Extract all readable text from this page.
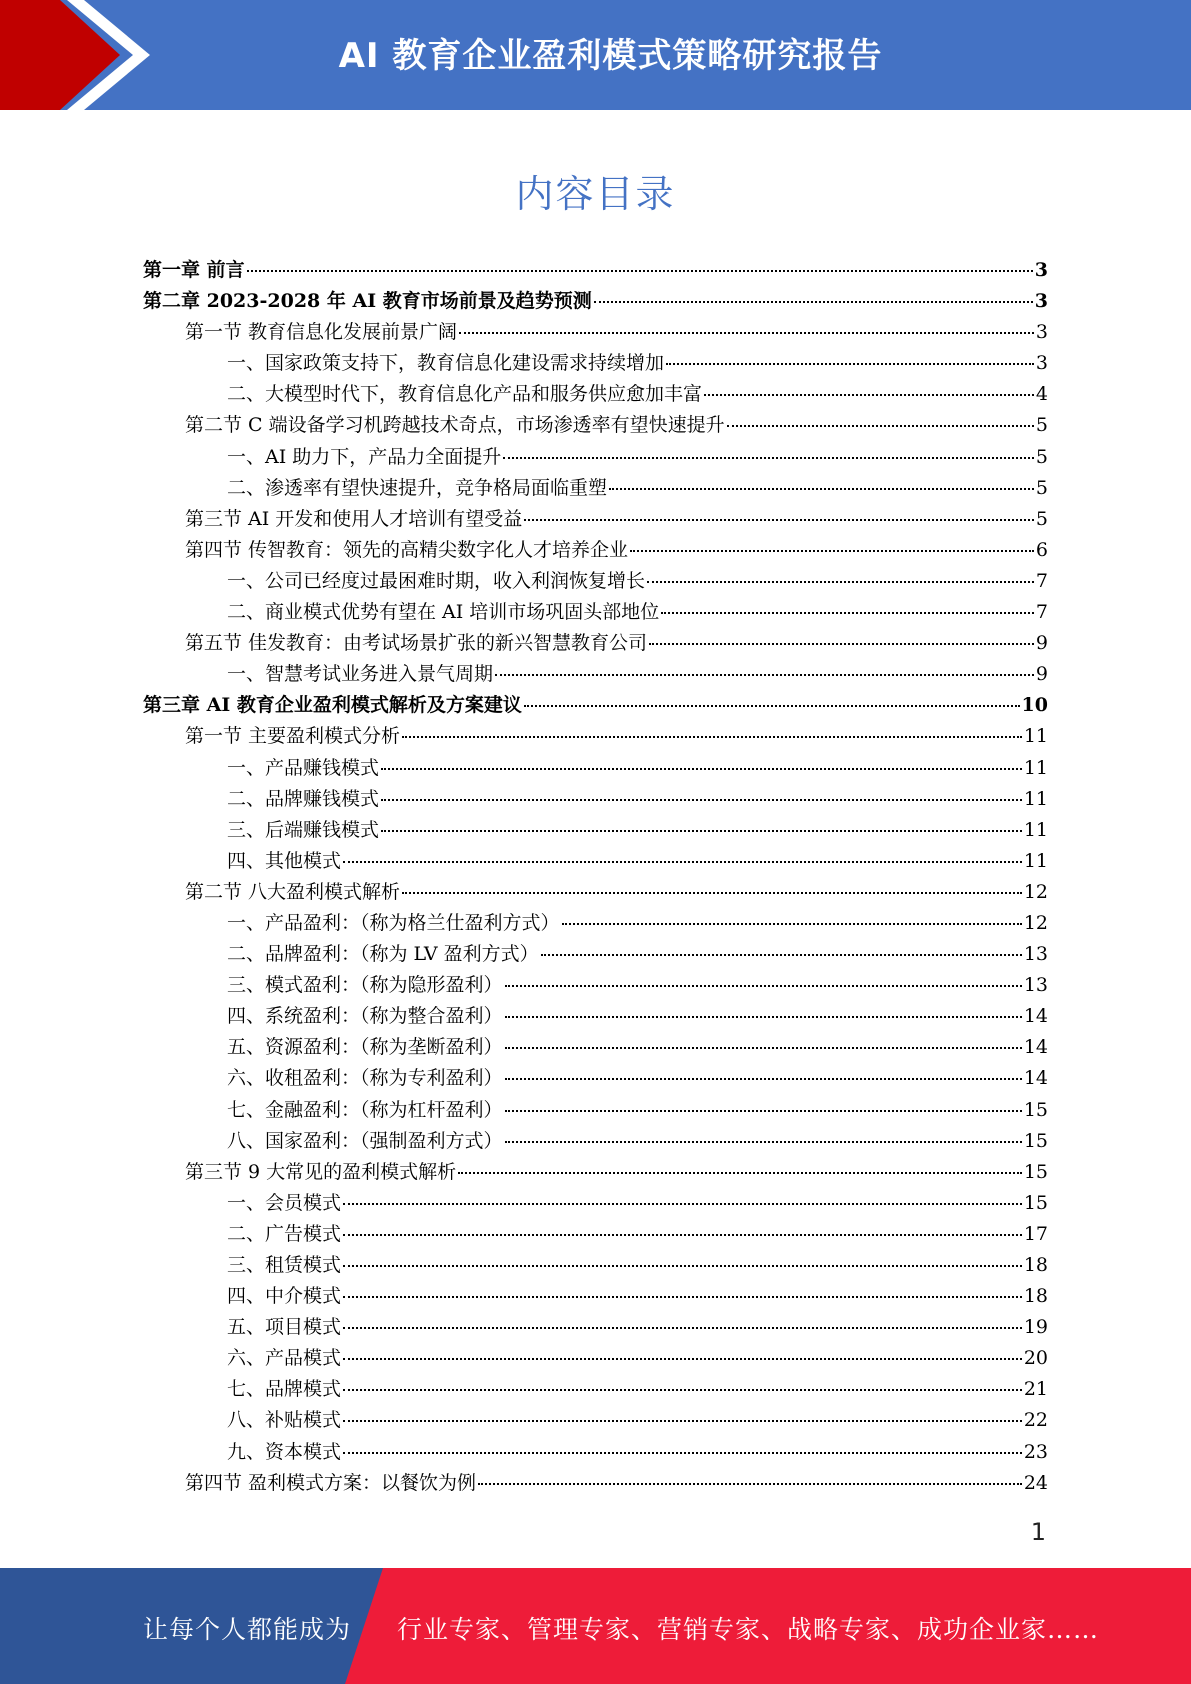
AI 教育企业盈利模式策略研究报告
内容目录
第一章 前言	3
第二章 2023-2028 年 AI 教育市场前景及趋势预测	3
第一节 教育信息化发展前景广阔	3
一、国家政策支持下，教育信息化建设需求持续增加	3
二、大模型时代下，教育信息化产品和服务供应愈加丰富	4
第二节 C 端设备学习机跨越技术奇点，市场渗透率有望快速提升	5
一、AI 助力下，产品力全面提升	5
二、渗透率有望快速提升，竞争格局面临重塑	5
第三节 AI 开发和使用人才培训有望受益	5
第四节 传智教育：领先的高精尖数字化人才培养企业	6
一、公司已经度过最困难时期，收入利润恢复增长	7
二、商业模式优势有望在 AI 培训市场巩固头部地位	7
第五节 佳发教育：由考试场景扩张的新兴智慧教育公司	9
一、智慧考试业务进入景气周期	9
第三章 AI 教育企业盈利模式解析及方案建议	10
第一节 主要盈利模式分析	11
一、产品赚钱模式	11
二、品牌赚钱模式	11
三、后端赚钱模式	11
四、其他模式	11
第二节 八大盈利模式解析	12
一、产品盈利：（称为格兰仕盈利方式）	12
二、品牌盈利：（称为 LV 盈利方式）	13
三、模式盈利：（称为隐形盈利）	13
四、系统盈利：（称为整合盈利）	14
五、资源盈利：（称为垄断盈利）	14
六、收租盈利：（称为专利盈利）	14
七、金融盈利：（称为杠杆盈利）	15
八、国家盈利：（强制盈利方式）	15
第三节 9 大常见的盈利模式解析	15
一、会员模式	15
二、广告模式	17
三、租赁模式	18
四、中介模式	18
五、项目模式	19
六、产品模式	20
七、品牌模式	21
八、补贴模式	22
九、资本模式	23
第四节 盈利模式方案：以餐饮为例	24
1
让每个人都能成为 行业专家、管理专家、营销专家、战略专家、成功企业家……
